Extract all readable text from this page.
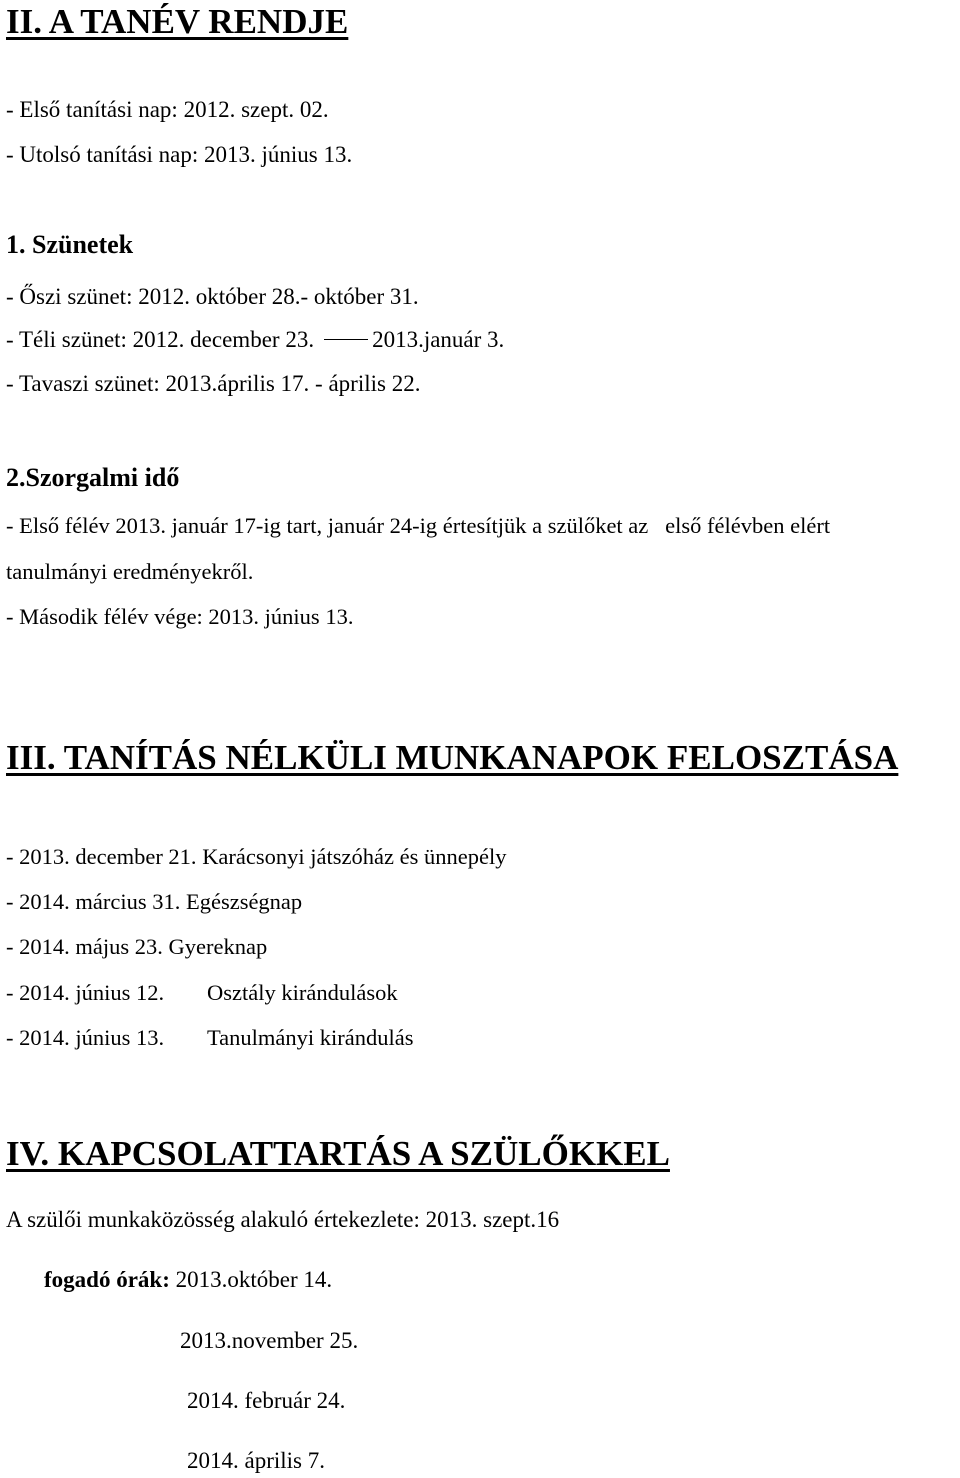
II. A TANÉV RENDJE
- Első tanítási nap: 2012. szept. 02.
- Utolsó tanítási nap: 2013. június 13.
1. Szünetek
- Őszi szünet: 2012. október 28.- október 31.
- Téli szünet: 2012. december 23.	2013.január 3.
- Tavaszi szünet: 2013.április 17. - április 22.
2.Szorgalmi idő
- Első félév 2013. január 17-ig tart, január 24-ig értesítjük a szülőket az   első félévben elért
tanulmányi eredményekről.
- Második félév vége: 2013. június 13.
III. TANÍTÁS NÉLKÜLI MUNKANAPOK FELOSZTÁSA
- 2013. december 21. Karácsonyi játszóház és ünnepély
- 2014. március 31. Egészségnap
- 2014. május 23. Gyereknap
- 2014. június 12. Osztály kirándulások
- 2014. június 13. Tanulmányi kirándulás
IV. KAPCSOLATTARTÁS A SZÜLŐKKEL
A szülői munkaközösség alakuló értekezlete: 2013. szept.16
fogadó órák: 2013.október 14.
2013.november 25.
2014. február 24.
2014. április 7.
